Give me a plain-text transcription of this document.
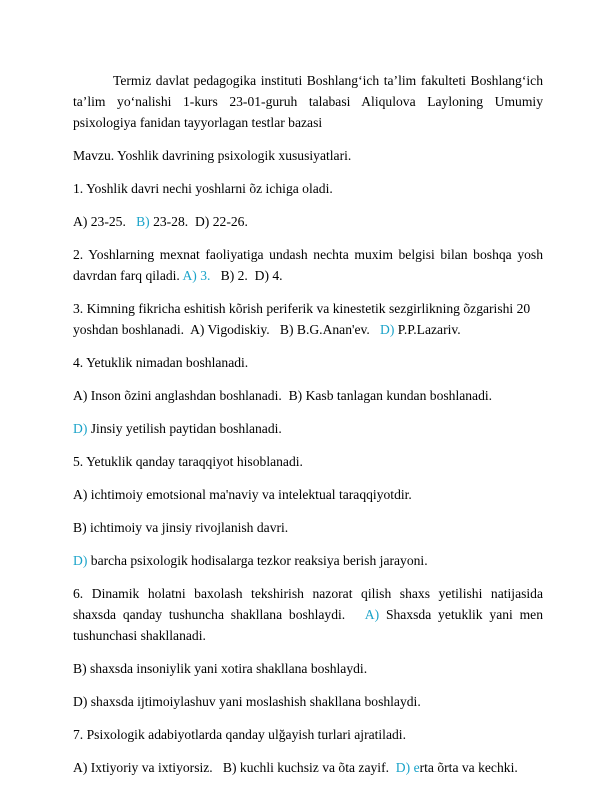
Termiz davlat pedagogika instituti Boshlang‘ich ta’lim fakulteti Boshlang‘ich ta’lim yo‘nalishi 1-kurs 23-01-guruh talabasi Aliqulova Layloning Umumiy psixologiya fanidan tayyorlagan testlar bazasi

Mavzu. Yoshlik davrining psixologik xususiyatlari.

1. Yoshlik davri nechi yoshlarni õz ichiga oladi.

A) 23-25. B) 23-28. D) 22-26.

2. Yoshlarning mexnat faoliyatiga undash nechta muxim belgisi bilan boshqa yosh davrdan farq qiladi. A) 3. B) 2. D) 4.

3. Kimning fikricha eshitish kõrish periferik va kinestetik sezgirlikning õzgarishi 20 yoshdan boshlanadi. A) Vigodiskiy. B) B.G.Anan'ev. D) P.P.Lazariv.

4. Yetuklik nimadan boshlanadi.

A) Inson õzini anglashdan boshlanadi. B) Kasb tanlagan kundan boshlanadi.

D) Jinsiy yetilish paytidan boshlanadi.

5. Yetuklik qanday taraqqiyot hisoblanadi.

A) ichtimoiy emotsional ma'naviy va intelektual taraqqiyotdir.

B) ichtimoiy va jinsiy rivojlanish davri.

D) barcha psixologik hodisalarga tezkor reaksiya berish jarayoni.

6. Dinamik holatni baxolash tekshirish nazorat qilish shaxs yetilishi natijasida shaxsda qanday tushuncha shakllana boshlaydi. A) Shaxsda yetuklik yani men tushunchasi shakllanadi.

B) shaxsda insoniylik yani xotira shakllana boshlaydi.

D) shaxsda ijtimoiylashuv yani moslashish shakllana boshlaydi.

7. Psixologik adabiyotlarda qanday ulğayish turlari ajratiladi.

A) Ixtiyoriy va ixtiyorsiz. B) kuchli kuchsiz va õta zayif. D) erta õrta va kechki.
